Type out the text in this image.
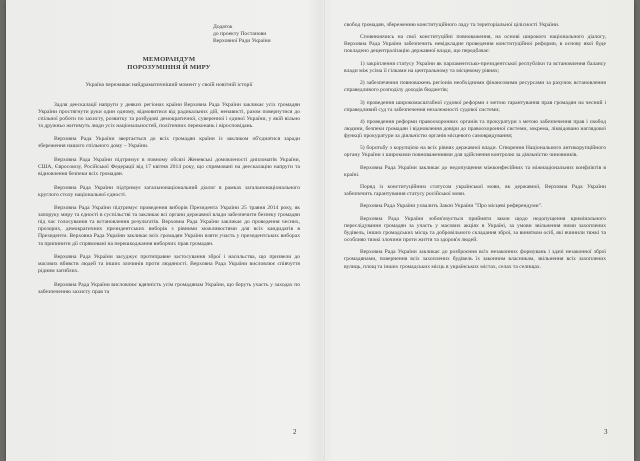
Додаток
до проекту Постанови
Верховної Ради України
МЕМОРАНДУМ
ПОРОЗУМІННЯ Й МИРУ
Україна переживає найдраматичніший момент у своїй новітній історії

Задля деескалації напруги у деяких регіонах країни Верховна Рада України закликає усіх громадян України простягнути руки один одному, відмовитися від радикальних дій, ненависті, разом повернутися до спільної роботи по захисту, розвитку та розбудові демократичної, суверенної і єдиної України, у якій вільно та дружньо житимуть люди усіх національностей, політичних переконань і віросповідань.

Верховна Рада України звертається до всіх громадян країни із закликом об'єднатися заради збереження нашого спільного дому – України.

Верховна Рада України підтримує в повному обсязі Женевські домовленості дипломатів України, США, Євросоюзу, Російської Федерації від 17 квітня 2014 року, що спрямовані на деескалацію напруги та відновлення безпеки всіх громадян.

Верховна Рада України підтримує загальнонаціональний діалог в рамках загальнонаціонального круглого столу національної єдності.

Верховна Рада України підтримує проведення виборів Президента України 25 травня 2014 року, як запоруку миру та єдності в суспільстві та закликає всі органи державної влади забезпечити безпеку громадян під час голосування та встановлення результатів. Верховна Рада України закликає до проведення чесних, прозорих, демократичних президентських виборів з рівними можливостями для всіх кандидатів в Президенти. Верховна Рада України закликає всіх громадян України взяти участь у президентських виборах та припинити дії спрямовані на перешкоджання виборчих прав громадян.

Верховна Рада України засуджує протиправне застосування зброї і насильства, що призвели до масових вбивств людей та інших злочинів проти людяності. Верховна Рада України висловлює співчуття рідним загиблих.

Верховна Рада України висловлює вдячність усім громадянам України, що беруть участь у заходах по забезпеченню захисту прав та

2

свобод громадян, збереженню конституційного ладу та територіальної цілісності України.

Сповнюючись на свої конституційні повноваження, на основі широкого національного діалогу, Верховна Рада України забезпечить невідкладне проведення конституційної реформи, в основу якої буде покладено децентралізацію державної влади, що передбачає:

1) закріплення статусу України як парламентсько-президентської республіки та встановлення балансу влади між усіма її гілками на центральному та місцевому рівнях;

2) забезпечення повноважень регіонів необхідними фінансовими ресурсами за рахунок встановлення справедливого розподілу доходів бюджетів;

3) проведення широкомасштабної судової реформи з метою гарантування прав громадян на чесний і справедливий суд та забезпечення незалежності судової системи;

4) проведення реформи правоохоронних органів та прокуратури з метою забезпечення прав і свобод людини, безпеки громадян і відновлення довіри до правоохоронної системи, зокрема, ліквідовано наглядової функції прокуратури за діяльністю органів місцевого самоврядування;

5) боротьбу з корупцією на всіх рівнях державної влади. Створення Національного антикорупційного органу України з широкими повноваженнями для здійснення контролю за діяльністю чиновників.

Верховна Рада України закликає до недопущення міжконфесійних та міжнаціональних конфліктів в країні.

Поряд із конституційним статусом української мови, як державної, Верховна Рада України забезпечить гарантування статусу російської мови.

Верховна Рада України ухвалить Закон України "Про місцеві референдуми".

Верховна Рада України зобов'язується прийняти закон щодо недопущення кримінального переслідування громадян за участь у масових акціях в Україні, за умови звільнення ними захоплених будівель, інших громадських місць та добровільного складання зброї, за винятком осіб, які вчинили тяжкі та особливо тяжкі злочини проти життя та здоров'я людей.

Верховна Рада України закликає до розброєння всіх незаконних формувань і здачі незаконної зброї громадянами, повернення всіх захоплених будівель їх законним власникам, звільнення всіх захоплених вулиць, площ та інших громадських місць в українських містах, селах та селищах.

3
